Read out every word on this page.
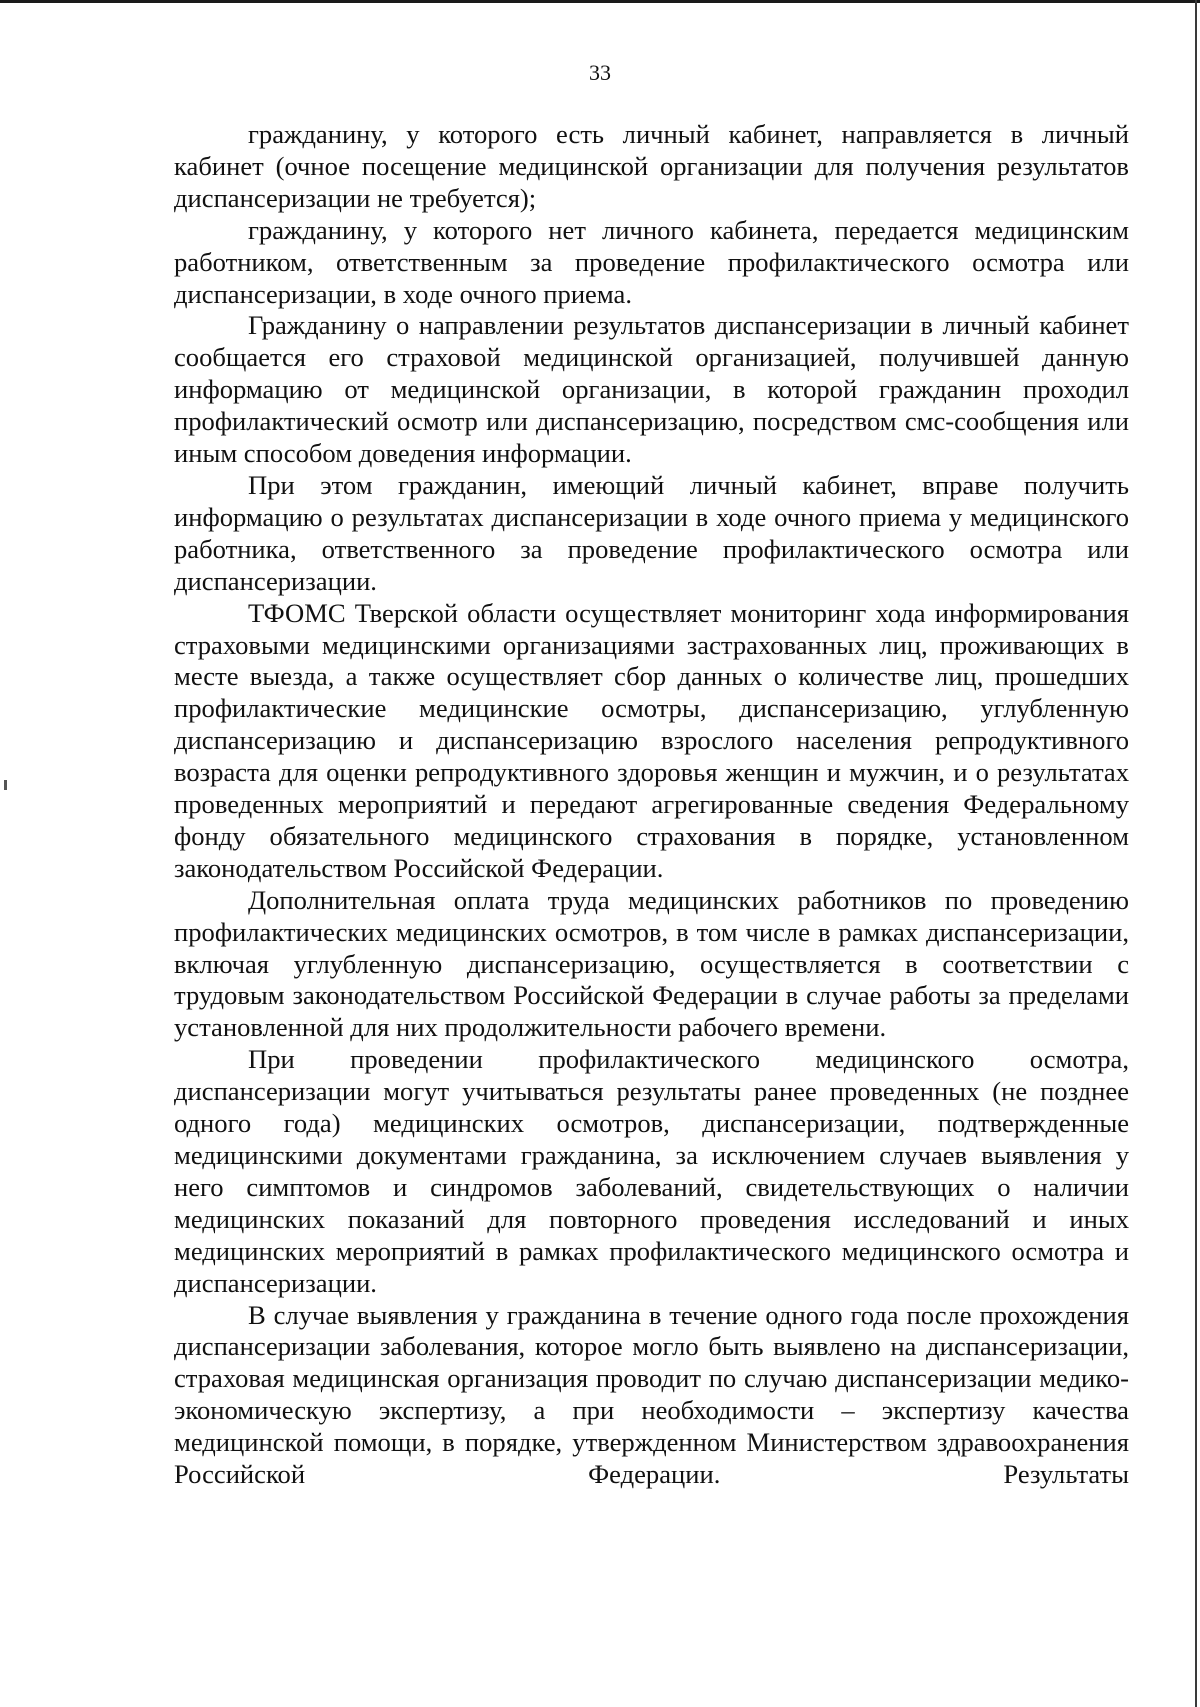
33

гражданину, у которого есть личный кабинет, направляется в личный кабинет (очное посещение медицинской организации для получения результатов диспансеризации не требуется);

гражданину, у которого нет личного кабинета, передается медицинским работником, ответственным за проведение профилактического осмотра или диспансеризации, в ходе очного приема.

Гражданину о направлении результатов диспансеризации в личный кабинет сообщается его страховой медицинской организацией, получившей данную информацию от медицинской организации, в которой гражданин проходил профилактический осмотр или диспансеризацию, посредством смс-сообщения или иным способом доведения информации.

При этом гражданин, имеющий личный кабинет, вправе получить информацию о результатах диспансеризации в ходе очного приема у медицинского работника, ответственного за проведение профилактического осмотра или диспансеризации.

ТФОМС Тверской области осуществляет мониторинг хода информирования страховыми медицинскими организациями застрахованных лиц, проживающих в месте выезда, а также осуществляет сбор данных о количестве лиц, прошедших профилактические медицинские осмотры, диспансеризацию, углубленную диспансеризацию и диспансеризацию взрослого населения репродуктивного возраста для оценки репродуктивного здоровья женщин и мужчин, и о результатах проведенных мероприятий и передают агрегированные сведения Федеральному фонду обязательного медицинского страхования в порядке, установленном законодательством Российской Федерации.

Дополнительная оплата труда медицинских работников по проведению профилактических медицинских осмотров, в том числе в рамках диспансеризации, включая углубленную диспансеризацию, осуществляется в соответствии с трудовым законодательством Российской Федерации в случае работы за пределами установленной для них продолжительности рабочего времени.

При проведении профилактического медицинского осмотра, диспансеризации могут учитываться результаты ранее проведенных (не позднее одного года) медицинских осмотров, диспансеризации, подтвержденные медицинскими документами гражданина, за исключением случаев выявления у него симптомов и синдромов заболеваний, свидетельствующих о наличии медицинских показаний для повторного проведения исследований и иных медицинских мероприятий в рамках профилактического медицинского осмотра и диспансеризации.

В случае выявления у гражданина в течение одного года после прохождения диспансеризации заболевания, которое могло быть выявлено на диспансеризации, страховая медицинская организация проводит по случаю диспансеризации медико-экономическую экспертизу, а при необходимости – экспертизу качества медицинской помощи, в порядке, утвержденном Министерством здравоохранения Российской Федерации. Результаты
